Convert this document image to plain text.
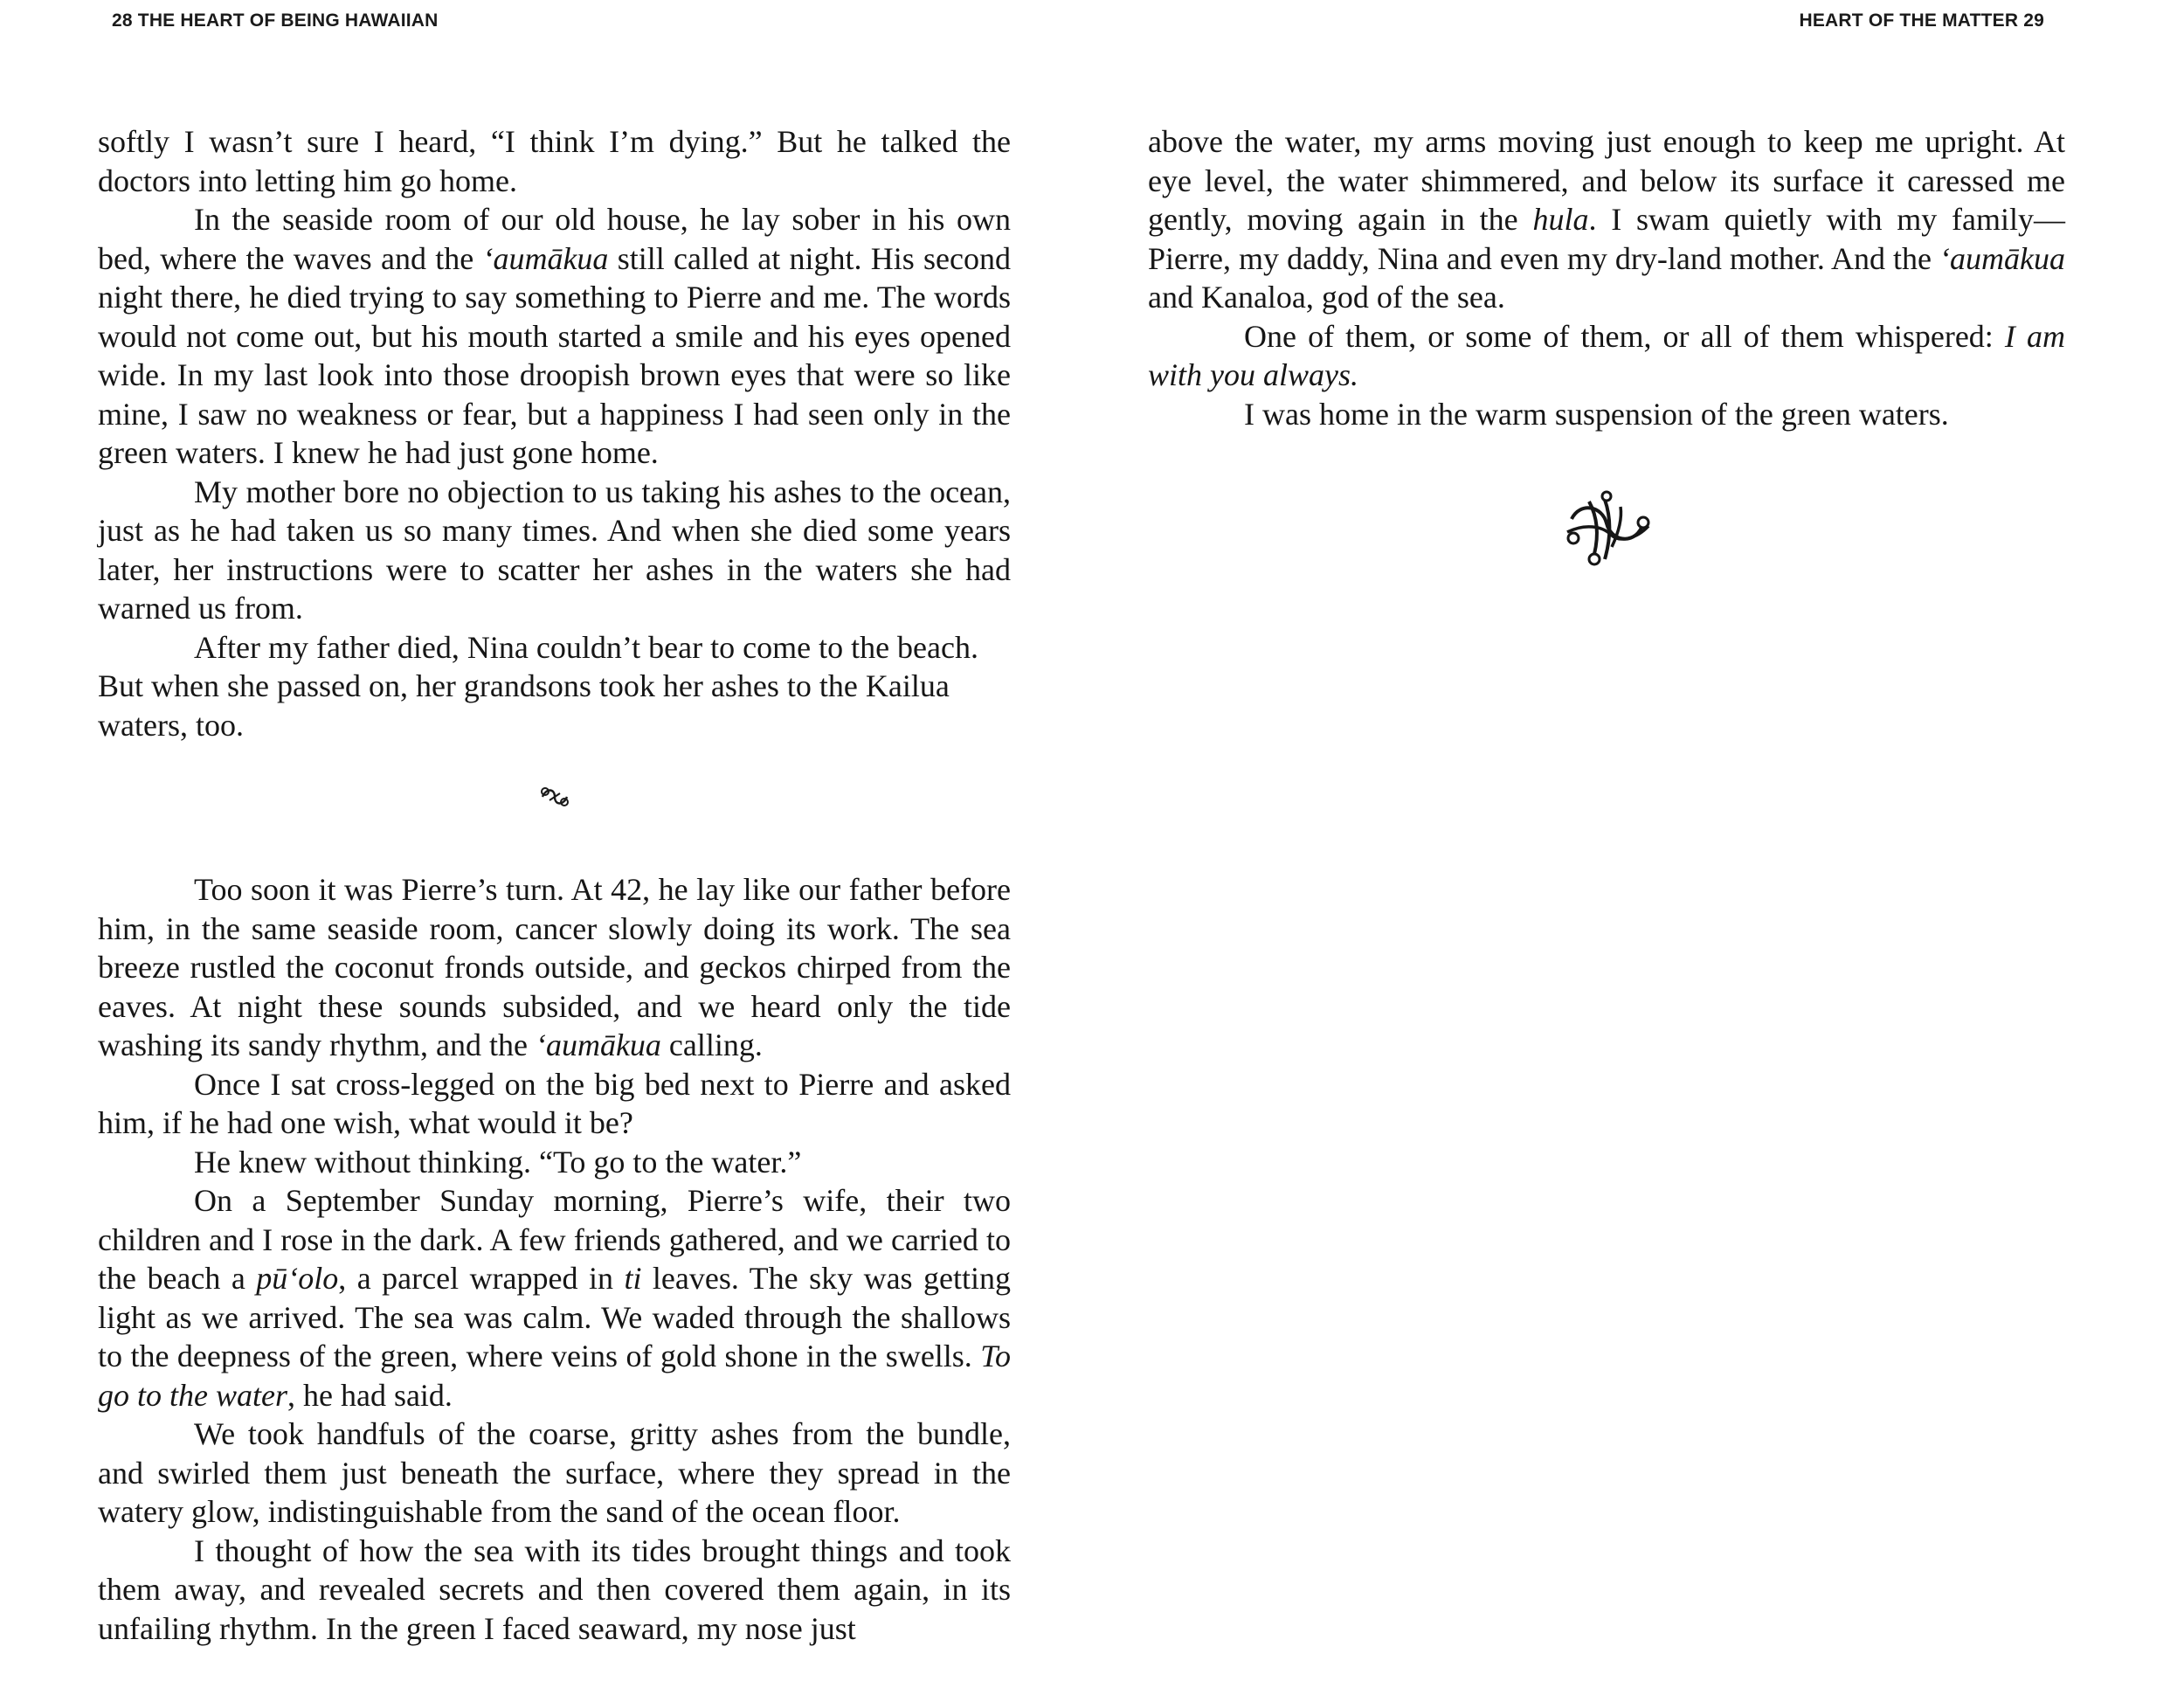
28 THE HEART OF BEING HAWAIIAN	HEART OF THE MATTER 29

softly I wasn’t sure I heard, “I think I’m dying.” But he talked the doctors into letting him go home.

In the seaside room of our old house, he lay sober in his own bed, where the waves and the ‘aumākua still called at night. His second night there, he died trying to say something to Pierre and me. The words would not come out, but his mouth started a smile and his eyes opened wide. In my last look into those droopish brown eyes that were so like mine, I saw no weakness or fear, but a happiness I had seen only in the green waters. I knew he had just gone home.

My mother bore no objection to us taking his ashes to the ocean, just as he had taken us so many times. And when she died some years later, her instructions were to scatter her ashes in the waters she had warned us from.

After my father died, Nina couldn’t bear to come to the beach. But when she passed on, her grandsons took her ashes to the Kailua waters, too.

Too soon it was Pierre’s turn. At 42, he lay like our father before him, in the same seaside room, cancer slowly doing its work. The sea breeze rustled the coconut fronds outside, and geckos chirped from the eaves. At night these sounds subsided, and we heard only the tide washing its sandy rhythm, and the ‘aumākua calling.

Once I sat cross-legged on the big bed next to Pierre and asked him, if he had one wish, what would it be?

He knew without thinking. “To go to the water.”

On a September Sunday morning, Pierre’s wife, their two children and I rose in the dark. A few friends gathered, and we carried to the beach a pū‘olo, a parcel wrapped in ti leaves. The sky was getting light as we arrived. The sea was calm. We waded through the shallows to the deepness of the green, where veins of gold shone in the swells. To go to the water, he had said.

We took handfuls of the coarse, gritty ashes from the bundle, and swirled them just beneath the surface, where they spread in the watery glow, indistinguishable from the sand of the ocean floor.

I thought of how the sea with its tides brought things and took them away, and revealed secrets and then covered them again, in its unfailing rhythm. In the green I faced seaward, my nose just

above the water, my arms moving just enough to keep me upright. At eye level, the water shimmered, and below its surface it caressed me gently, moving again in the hula. I swam quietly with my family—Pierre, my daddy, Nina and even my dry-land mother. And the ‘aumākua and Kanaloa, god of the sea.

One of them, or some of them, or all of them whispered: I am with you always.

I was home in the warm suspension of the green waters.
